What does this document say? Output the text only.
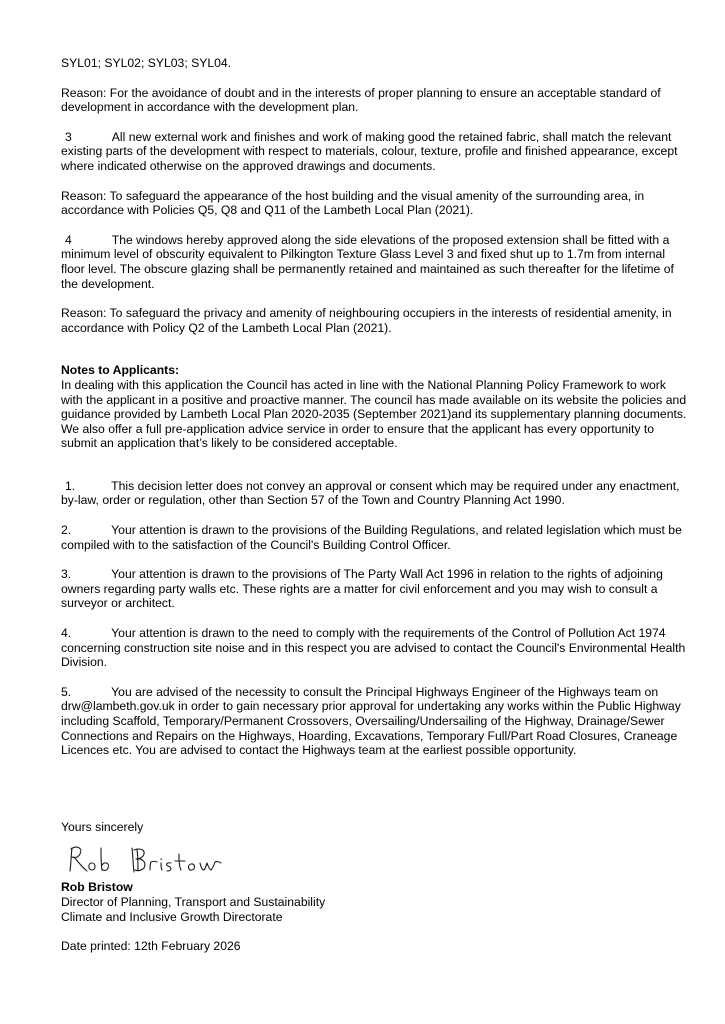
SYL01; SYL02; SYL03; SYL04.

Reason: For the avoidance of doubt and in the interests of proper planning to ensure an acceptable standard of development in accordance with the development plan.

3	All new external work and finishes and work of making good the retained fabric, shall match the relevant existing parts of the development with respect to materials, colour, texture, profile and finished appearance, except where indicated otherwise on the approved drawings and documents.

Reason: To safeguard the appearance of the host building and the visual amenity of the surrounding area, in accordance with Policies Q5, Q8 and Q11 of the Lambeth Local Plan (2021).

4	The windows hereby approved along the side elevations of the proposed extension shall be fitted with a minimum level of obscurity equivalent to Pilkington Texture Glass Level 3 and fixed shut up to 1.7m from internal floor level. The obscure glazing shall be permanently retained and maintained as such thereafter for the lifetime of the development.

Reason: To safeguard the privacy and amenity of neighbouring occupiers in the interests of residential amenity, in accordance with Policy Q2 of the Lambeth Local Plan (2021).

Notes to Applicants:
In dealing with this application the Council has acted in line with the National Planning Policy Framework to work with the applicant in a positive and proactive manner. The council has made available on its website the policies and guidance provided by Lambeth Local Plan 2020-2035 (September 2021)and its supplementary planning documents. We also offer a full pre-application advice service in order to ensure that the applicant has every opportunity to submit an application that’s likely to be considered acceptable.

1.	This decision letter does not convey an approval or consent which may be required under any enactment, by-law, order or regulation, other than Section 57 of the Town and Country Planning Act 1990.

2.	Your attention is drawn to the provisions of the Building Regulations, and related legislation which must be compiled with to the satisfaction of the Council's Building Control Officer.

3.	Your attention is drawn to the provisions of The Party Wall Act 1996 in relation to the rights of adjoining owners regarding party walls etc. These rights are a matter for civil enforcement and you may wish to consult a surveyor or architect.

4.	Your attention is drawn to the need to comply with the requirements of the Control of Pollution Act 1974 concerning construction site noise and in this respect you are advised to contact the Council's Environmental Health Division.

5.	You are advised of the necessity to consult the Principal Highways Engineer of the Highways team on drw@lambeth.gov.uk in order to gain necessary prior approval for undertaking any works within the Public Highway including Scaffold, Temporary/Permanent Crossovers, Oversailing/Undersailing of the Highway, Drainage/Sewer Connections and Repairs on the Highways, Hoarding, Excavations, Temporary Full/Part Road Closures, Craneage Licences etc. You are advised to contact the Highways team at the earliest possible opportunity.

Yours sincerely
Rob Bristow
Director of Planning, Transport and Sustainability
Climate and Inclusive Growth Directorate
Date printed: 12th February 2026
